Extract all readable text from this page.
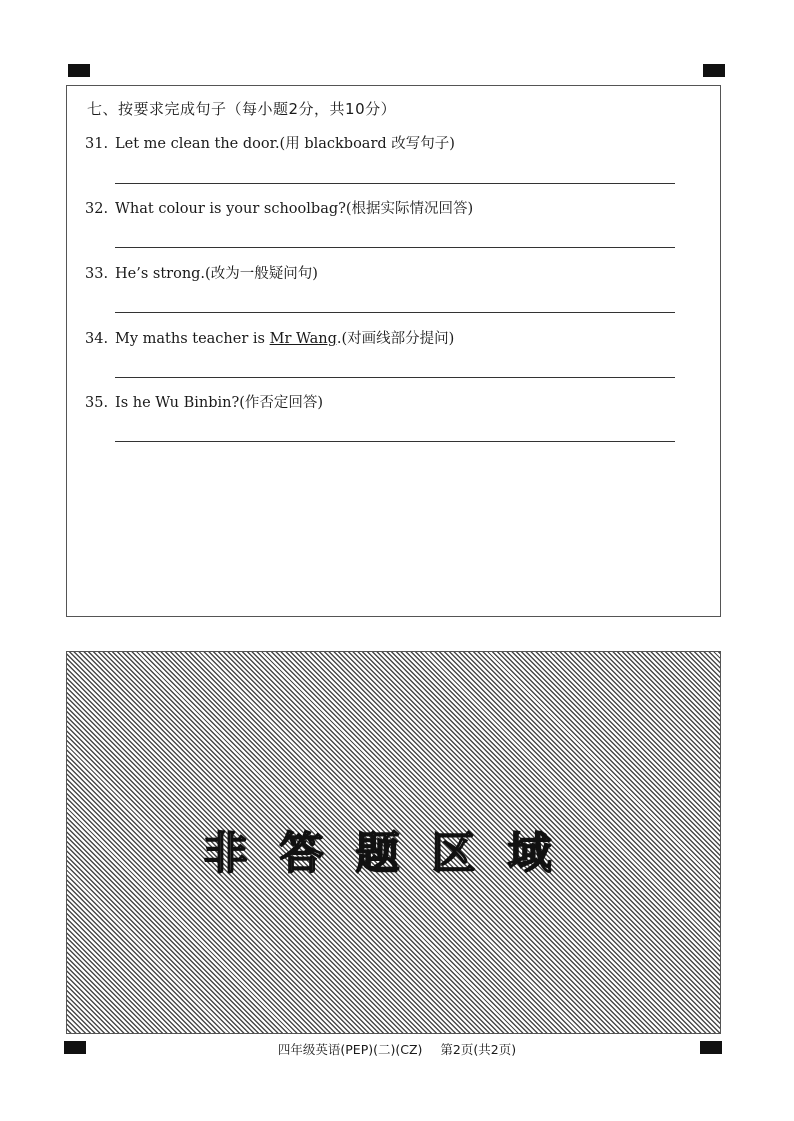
七、按要求完成句子（每小题2分，共10分）
31. Let me clean the door.(用 blackboard 改写句子)
32. What colour is your schoolbag?(根据实际情况回答)
33. He’s strong.(改为一般疑问句)
34. My maths teacher is Mr Wang.(对画线部分提问)
35. Is he Wu Binbin?(作否定回答)
非答题区域
四年级英语(PEP)(二)(CZ) 第2页(共2页)
